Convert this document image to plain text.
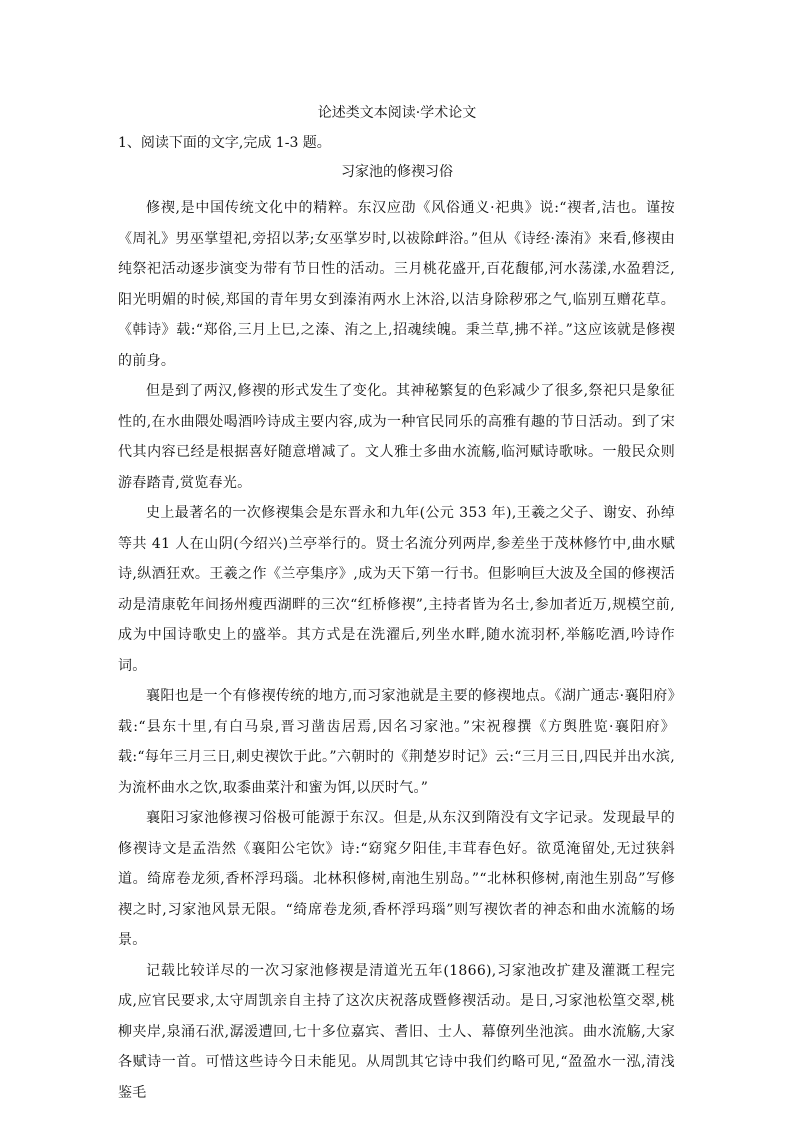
论述类文本阅读·学术论文
1、阅读下面的文字,完成 1-3 题。
习家池的修禊习俗

修禊,是中国传统文化中的精粹。东汉应劭《风俗通义·祀典》说:“禊者,洁也。谨按《周礼》男巫掌望祀,旁招以茅;女巫掌岁时,以祓除衅浴。”但从《诗经·溱洧》来看,修禊由纯祭祀活动逐步演变为带有节日性的活动。三月桃花盛开,百花馥郁,河水荡漾,水盈碧泛,阳光明媚的时候,郑国的青年男女到溱洧两水上沐浴,以洁身除秽邪之气,临别互赠花草。《韩诗》载:“郑俗,三月上巳,之溱、洧之上,招魂续魄。秉兰草,拂不祥。”这应该就是修禊的前身。

但是到了两汉,修禊的形式发生了变化。其神秘繁复的色彩减少了很多,祭祀只是象征性的,在水曲隈处喝酒吟诗成主要内容,成为一种官民同乐的高雅有趣的节日活动。到了宋代其内容已经是根据喜好随意增减了。文人雅士多曲水流觞,临河赋诗歌咏。一般民众则游春踏青,赏览春光。

史上最著名的一次修禊集会是东晋永和九年(公元 353 年),王羲之父子、谢安、孙绰等共 41 人在山阴(今绍兴)兰亭举行的。贤士名流分列两岸,参差坐于茂林修竹中,曲水赋诗,纵酒狂欢。王羲之作《兰亭集序》,成为天下第一行书。但影响巨大波及全国的修禊活动是清康乾年间扬州瘦西湖畔的三次“红桥修禊”,主持者皆为名士,参加者近万,规模空前,成为中国诗歌史上的盛举。其方式是在洗濯后,列坐水畔,随水流羽杯,举觞吃酒,吟诗作词。

襄阳也是一个有修禊传统的地方,而习家池就是主要的修禊地点。《湖广通志·襄阳府》载:“县东十里,有白马泉,晋习凿齿居焉,因名习家池。”宋祝穆撰《方舆胜览·襄阳府》载:“每年三月三日,刺史禊饮于此。”六朝时的《荆楚岁时记》云:“三月三日,四民并出水滨,为流杯曲水之饮,取黍曲菜汁和蜜为饵,以厌时气。”

襄阳习家池修禊习俗极可能源于东汉。但是,从东汉到隋没有文字记录。发现最早的修禊诗文是孟浩然《襄阳公宅饮》诗:“窈窕夕阳佳,丰茸春色好。欲觅淹留处,无过狭斜道。绮席卷龙须,香杯浮玛瑙。北林积修树,南池生别岛。”“北林积修树,南池生别岛”写修禊之时,习家池风景无限。“绮席卷龙须,香杯浮玛瑙”则写禊饮者的神态和曲水流觞的场景。

记载比较详尽的一次习家池修禊是清道光五年(1866),习家池改扩建及灌溉工程完成,应官民要求,太守周凯亲自主持了这次庆祝落成暨修禊活动。是日,习家池松篁交翠,桃柳夹岸,泉涌石洑,潺湲遭回,七十多位嘉宾、耆旧、士人、幕僚列坐池滨。曲水流觞,大家各赋诗一首。可惜这些诗今日未能见。从周凯其它诗中我们约略可见,“盈盈水一泓,清浅鉴毛
